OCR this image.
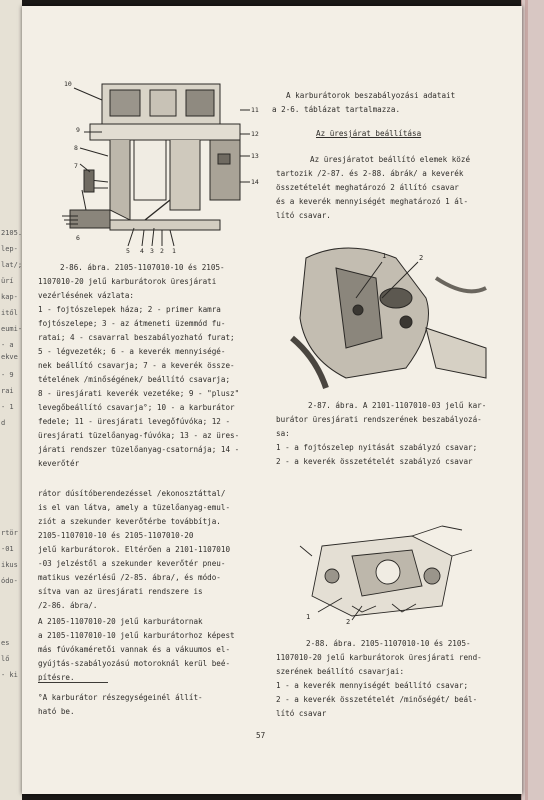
2105.
lep-
lat/;
ürí
kap-
itől
eumi-
- a
ekve
- 9
rai
- 1
d
rtör
-01
ikus
ódo-
es
lő
- ki
10
9
8
7
6
5 4 3 2 1
11
12
13
14
2-86. ábra. 2105-1107010-10 és 2105-
1107010-20 jelű karburátorok üresjárati
vezérlésének vázlata:
1 - fojtószelepek háza; 2 - primer kamra
fojtószelepe; 3 - az átmeneti üzemmód fu-
ratai; 4 - csavarral beszabályozható furat;
5 - légvezeték; 6 - a keverék mennyiségé-
nek beállító csavarja; 7 - a keverék össze-
tételének /minőségének/ beállító csavarja;
8 - üresjárati keverék vezetéke; 9 - "plusz"
levegőbeállító csavarja°; 10 - a karburátor
fedele; 11 - üresjárati levegőfúvóka; 12 -
üresjárati tüzelőanyag-fúvóka; 13 - az üres-
járati rendszer tüzelőanyag-csatornája; 14 -
keverőtér
rátor dúsítóberendezéssel /ekonosztáttal/
is el van látva, amely a tüzelőanyag-emul-
ziót a szekunder keverőtérbe továbbítja.
2105-1107010-10 és 2105-1107010-20
jelű karburátorok. Eltérően a 2101-1107010
-03 jelzéstől a szekunder keverőtér pneu-
matikus vezérlésű /2-85. ábra/, és módo-
sítva van az üresjárati rendszere is
/2-86. ábra/.
A 2105-1107010-20 jelű karburátornak
a 2105-1107010-10 jelű karburátorhoz képest
más fúvókaméretői vannak és a vákuumos el-
gyújtás-szabályozású motoroknál kerül beé-
pítésre.
°A karburátor részegységeinél állít-
ható be.
57
A karburátorok beszabályozási adatait
a 2-6. táblázat tartalmazza.
Az üresjárat beállítása
Az üresjáratot beállító elemek közé
tartozik /2-87. és 2-88. ábrák/ a keverék
összetételét meghatározó 2 állító csavar
és a keverék mennyiségét meghatározó 1 ál-
lító csavar.
1	2
2-87. ábra. A 2101-1107010-03 jelű kar-
burátor üresjárati rendszerének beszabályozá-
sa:
1 - a fojtószelep nyitását szabályzó csavar;
2 - a keverék összetételét szabályzó csavar
1
2
2-88. ábra. 2105-1107010-10 és 2105-
1107010-20 jelű karburátorok üresjárati rend-
szerének beállító csavarjai:
1 - a keverék mennyiségét beállító csavar;
2 - a keverék összetételét /minőségét/ beál-
lító csavar
